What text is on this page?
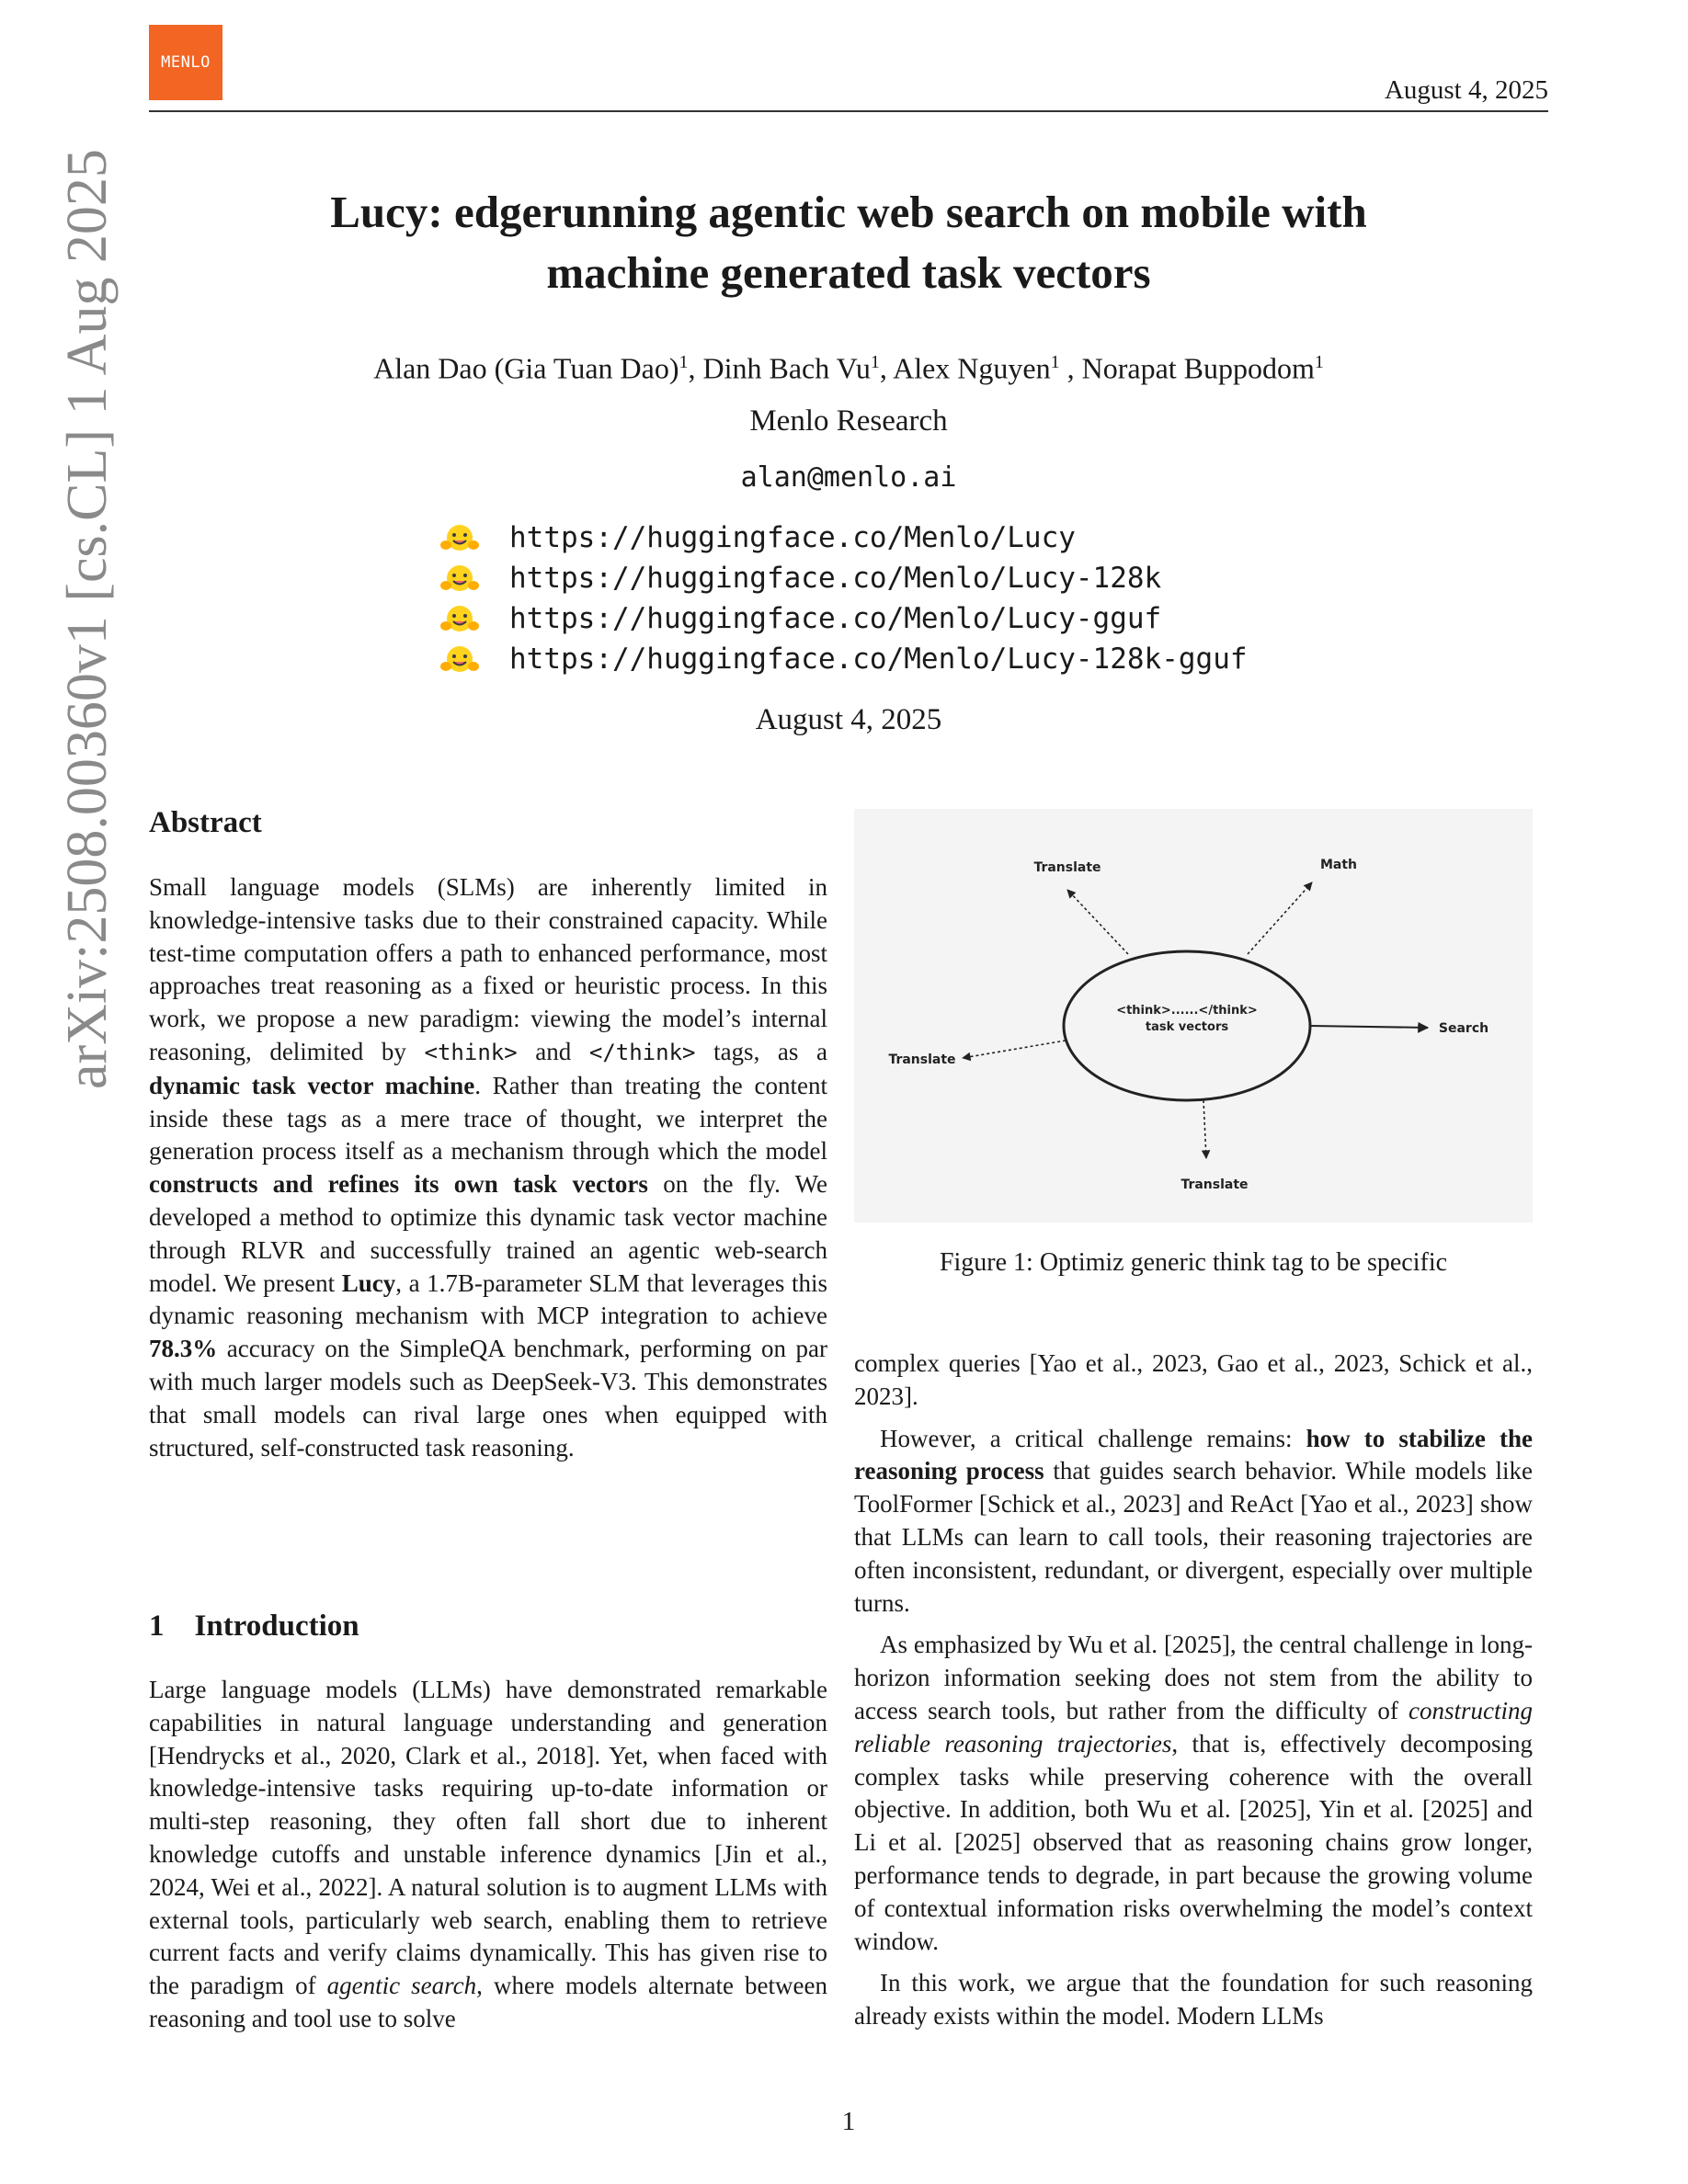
MENLO
August 4, 2025
Lucy: edgerunning agentic web search on mobile with
machine generated task vectors
Alan Dao (Gia Tuan Dao)$^1$, Dinh Bach Vu$^1$, Alex Nguyen$^1$ , Norapat Buppodom$^1$
Menlo Research
alan@menlo.ai
https://huggingface.co/Menlo/Lucy
https://huggingface.co/Menlo/Lucy-128k
https://huggingface.co/Menlo/Lucy-gguf
https://huggingface.co/Menlo/Lucy-128k-gguf
August 4, 2025
arXiv:2508.00360v1 [cs.CL] 1 Aug 2025 Abstract

Small language models (SLMs) are inherently limited in knowledge-intensive tasks due to their constrained capacity. While test-time computation offers a path to enhanced performance, most approaches treat reasoning as a fixed or heuristic process. In this work, we propose a new paradigm: viewing the model’s internal reasoning, delimited by <think> and </think> tags, as a dynamic task vector machine. Rather than treating the content inside these tags as a mere trace of thought, we interpret the generation process itself as a mechanism through which the model constructs and refines its own task vectors on the fly. We developed a method to optimize this dynamic task vector machine through RLVR and successfully trained an agentic web-search model. We present Lucy, a 1.7B-parameter SLM that leverages this dynamic reasoning mechanism with MCP integration to achieve 78.3% accuracy on the SimpleQA benchmark, performing on par with much larger models such as DeepSeek-V3. This demonstrates that small models can rival large ones when equipped with structured, self-constructed task reasoning.

1 Introduction

Large language models (LLMs) have demonstrated remarkable capabilities in natural language understanding and generation [Hendrycks et al., 2020, Clark et al., 2018]. Yet, when faced with knowledge-intensive tasks requiring up-to-date information or multi-step reasoning, they often fall short due to inherent knowledge cutoffs and unstable inference dynamics [Jin et al., 2024, Wei et al., 2022]. A natural solution is to augment LLMs with external tools, particularly web search, enabling them to retrieve current facts and verify claims dynamically. This has given rise to the paradigm of agentic search, where models alternate between reasoning and tool use to solve

<think>......</think>
task vectors
Translate	Math
Translate
Search
Translate
Figure 1: Optimiz generic think tag to be specific

complex queries [Yao et al., 2023, Gao et al., 2023, Schick et al., 2023].

However, a critical challenge remains: how to stabilize the reasoning process that guides search behavior. While models like ToolFormer [Schick et al., 2023] and ReAct [Yao et al., 2023] show that LLMs can learn to call tools, their reasoning trajectories are often inconsistent, redundant, or divergent, especially over multiple turns.

As emphasized by Wu et al. [2025], the central challenge in long-horizon information seeking does not stem from the ability to access search tools, but rather from the difficulty of constructing reliable reasoning trajectories, that is, effectively decomposing complex tasks while preserving coherence with the overall objective. In addition, both Wu et al. [2025], Yin et al. [2025] and Li et al. [2025] observed that as reasoning chains grow longer, performance tends to degrade, in part because the growing volume of contextual information risks overwhelming the model’s context window.

In this work, we argue that the foundation for such reasoning already exists within the model. Modern LLMs

1
